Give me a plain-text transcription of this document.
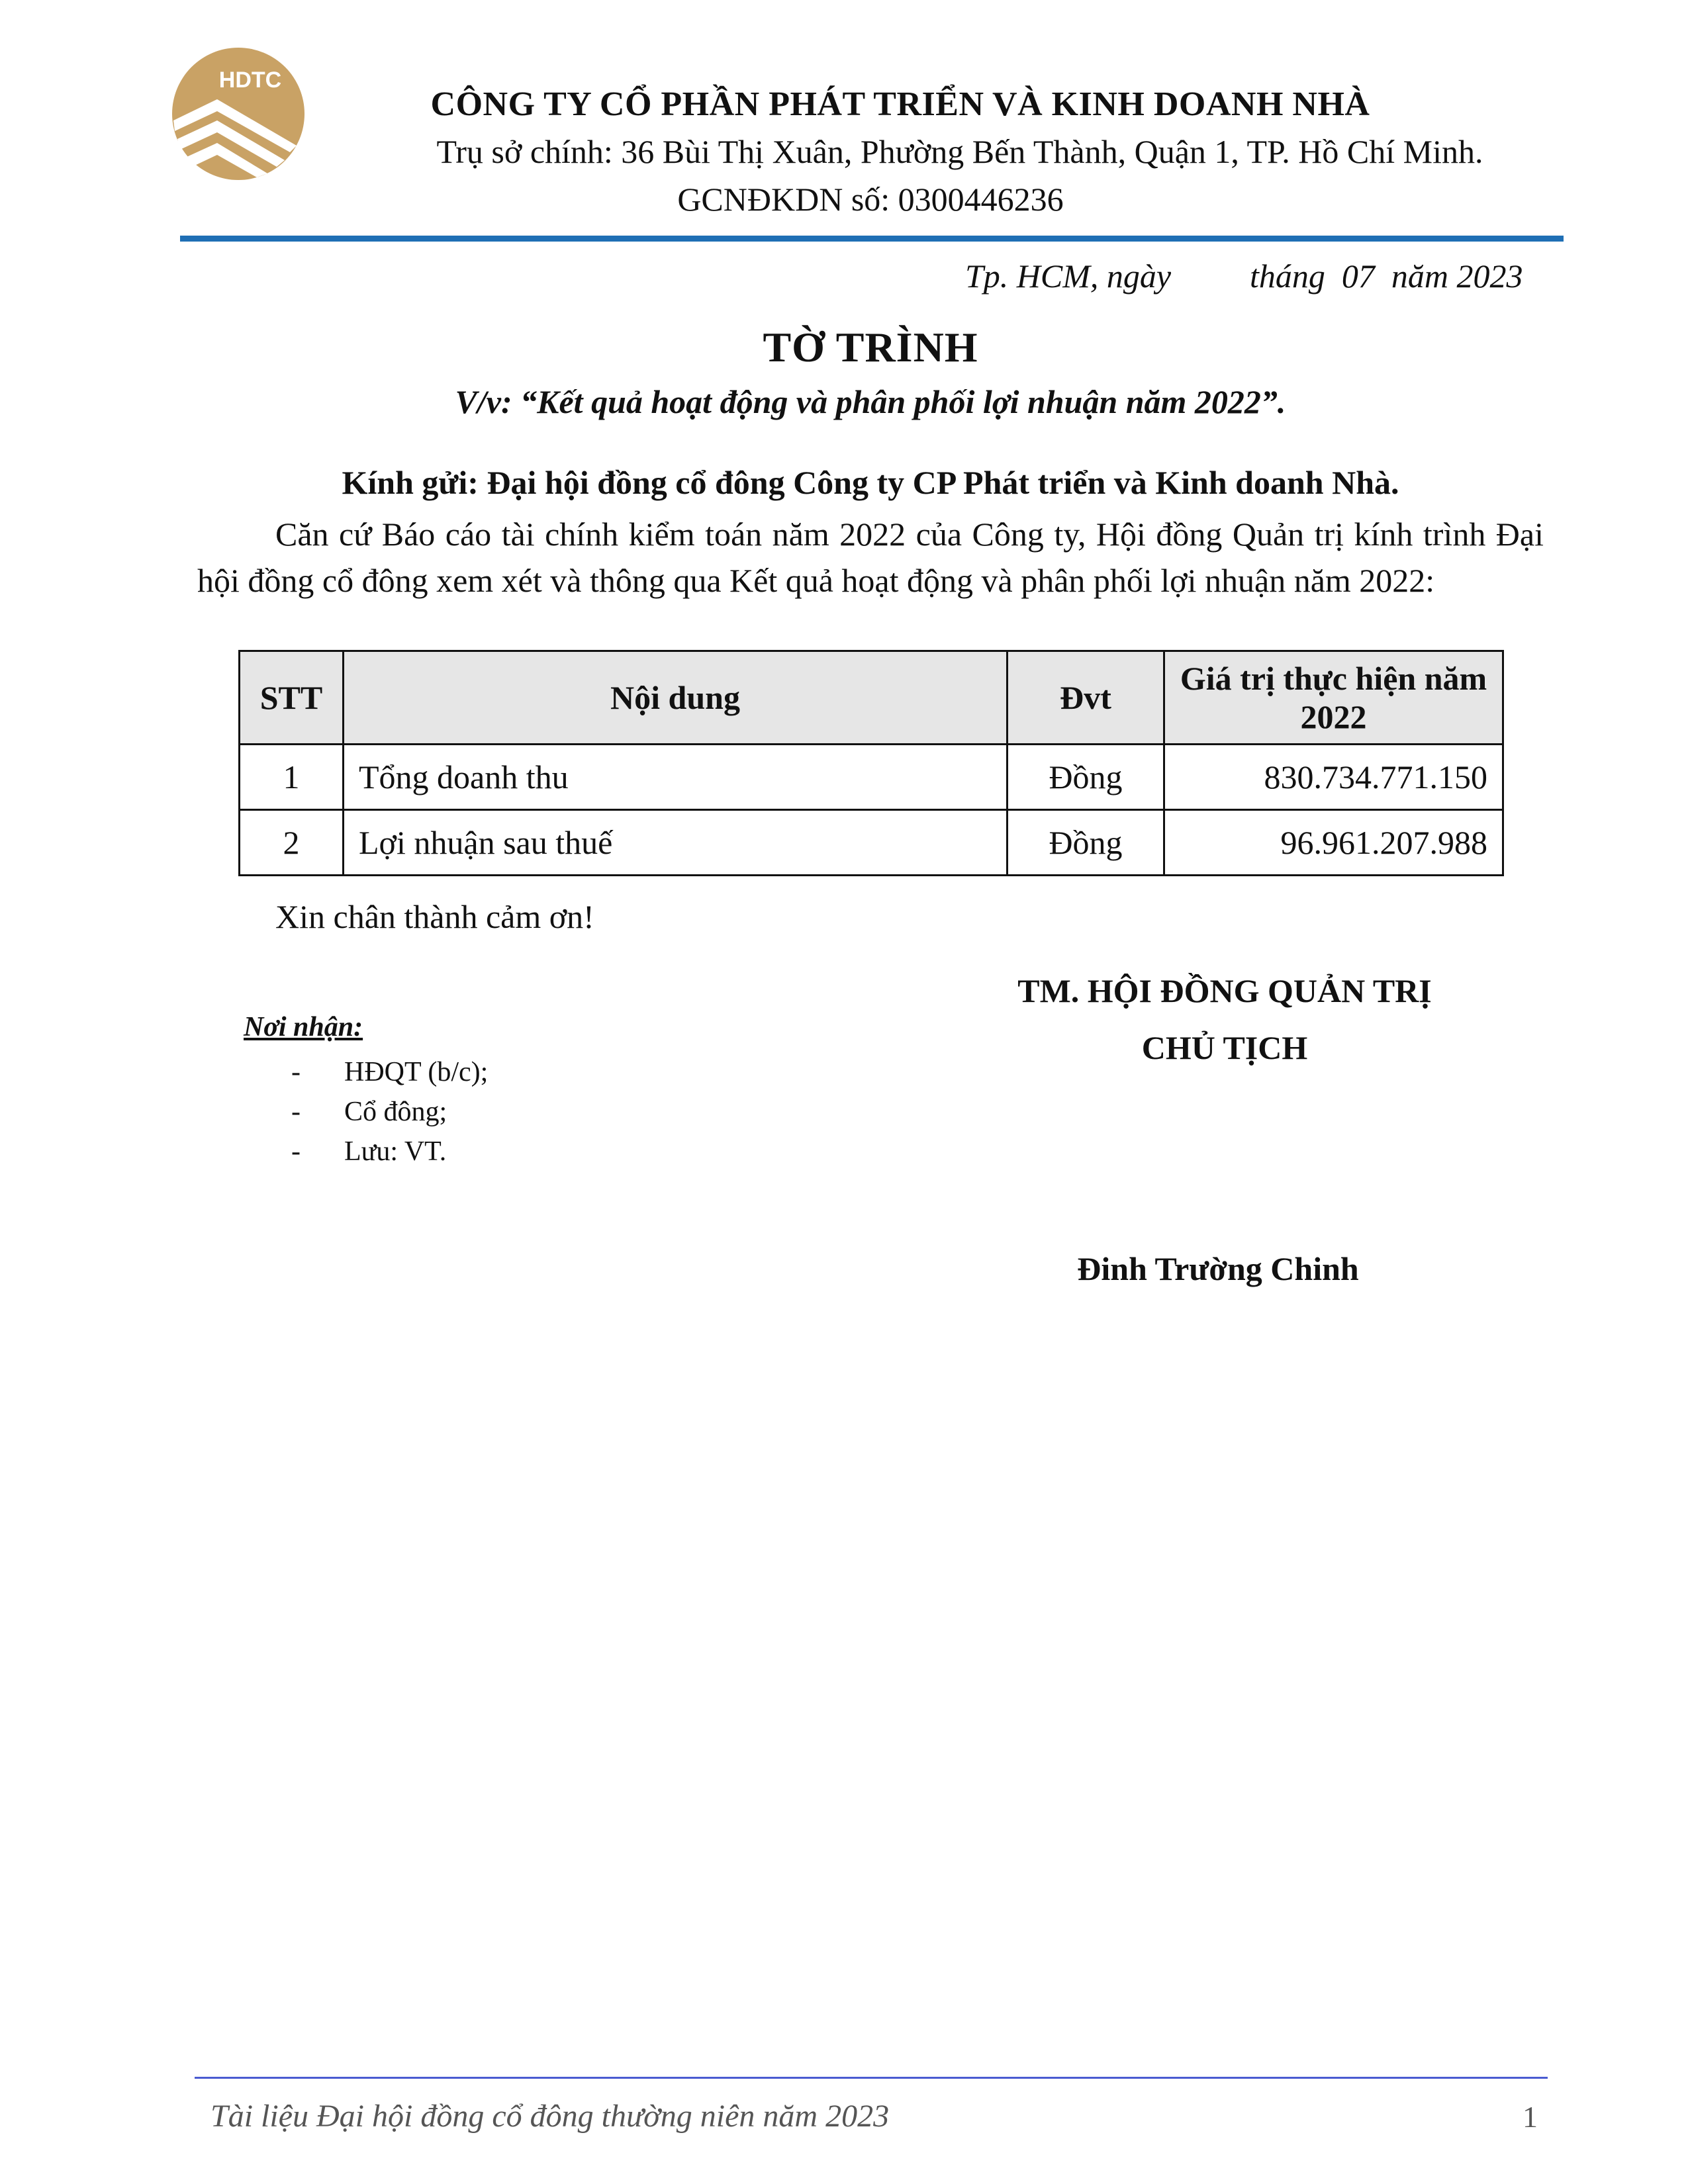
HDTC
CÔNG TY CỔ PHẦN PHÁT TRIỂN VÀ KINH DOANH NHÀ
Trụ sở chính: 36 Bùi Thị Xuân, Phường Bến Thành, Quận 1, TP. Hồ Chí Minh.
GCNĐKDN số: 0300446236
Tp. HCM, ngày tháng  07  năm 2023
TỜ TRÌNH
V/v: “Kết quả hoạt động và phân phối lợi nhuận năm 2022”.
Kính gửi: Đại hội đồng cổ đông Công ty CP Phát triển và Kinh doanh Nhà.
Căn cứ Báo cáo tài chính kiểm toán năm 2022 của Công ty, Hội đồng Quản trị kính trình Đại hội đồng cổ đông xem xét và thông qua Kết quả hoạt động và phân phối lợi nhuận năm 2022:
STT	Nội dung	Đvt	Giá trị thực hiện năm 2022
1	Tổng doanh thu	Đồng	830.734.771.150
2	Lợi nhuận sau thuế	Đồng	96.961.207.988
Xin chân thành cảm ơn!
TM. HỘI ĐỒNG QUẢN TRỊ
CHỦ TỊCH
Đinh Trường Chinh
Nơi nhận:
- HĐQT (b/c);
- Cổ đông;
- Lưu: VT.
Tài liệu Đại hội đồng cổ đông thường niên năm 2023	1
